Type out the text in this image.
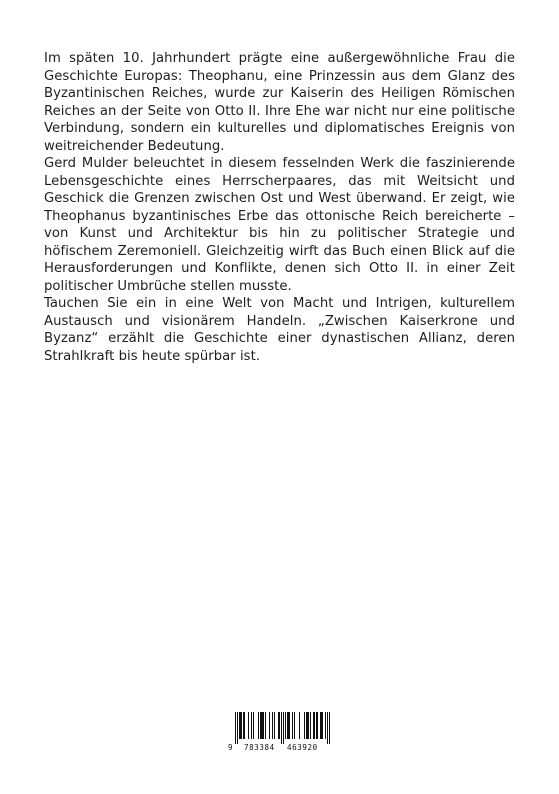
Im späten 10. Jahrhundert prägte eine außergewöhnliche Frau die Geschichte Europas: Theophanu, eine Prinzessin aus dem Glanz des Byzantinischen Reiches, wurde zur Kaiserin des Heiligen Römischen Reiches an der Seite von Otto II. Ihre Ehe war nicht nur eine politische Verbindung, sondern ein kulturelles und diplomatisches Ereignis von weitreichender Bedeutung.

Gerd Mulder beleuchtet in diesem fesselnden Werk die faszinierende Lebensgeschichte eines Herrscherpaares, das mit Weitsicht und Geschick die Grenzen zwischen Ost und West überwand. Er zeigt, wie Theophanus byzantinisches Erbe das ottonische Reich bereicherte – von Kunst und Architektur bis hin zu politischer Strategie und höfischem Zeremoniell. Gleichzeitig wirft das Buch einen Blick auf die Herausforderungen und Konflikte, denen sich Otto II. in einer Zeit politischer Umbrüche stellen musste.

Tauchen Sie ein in eine Welt von Macht und Intrigen, kulturellem Austausch und visionärem Handeln. „Zwischen Kaiserkrone und Byzanz“ erzählt die Geschichte einer dynastischen Allianz, deren Strahlkraft bis heute spürbar ist.

9 783384 463920
